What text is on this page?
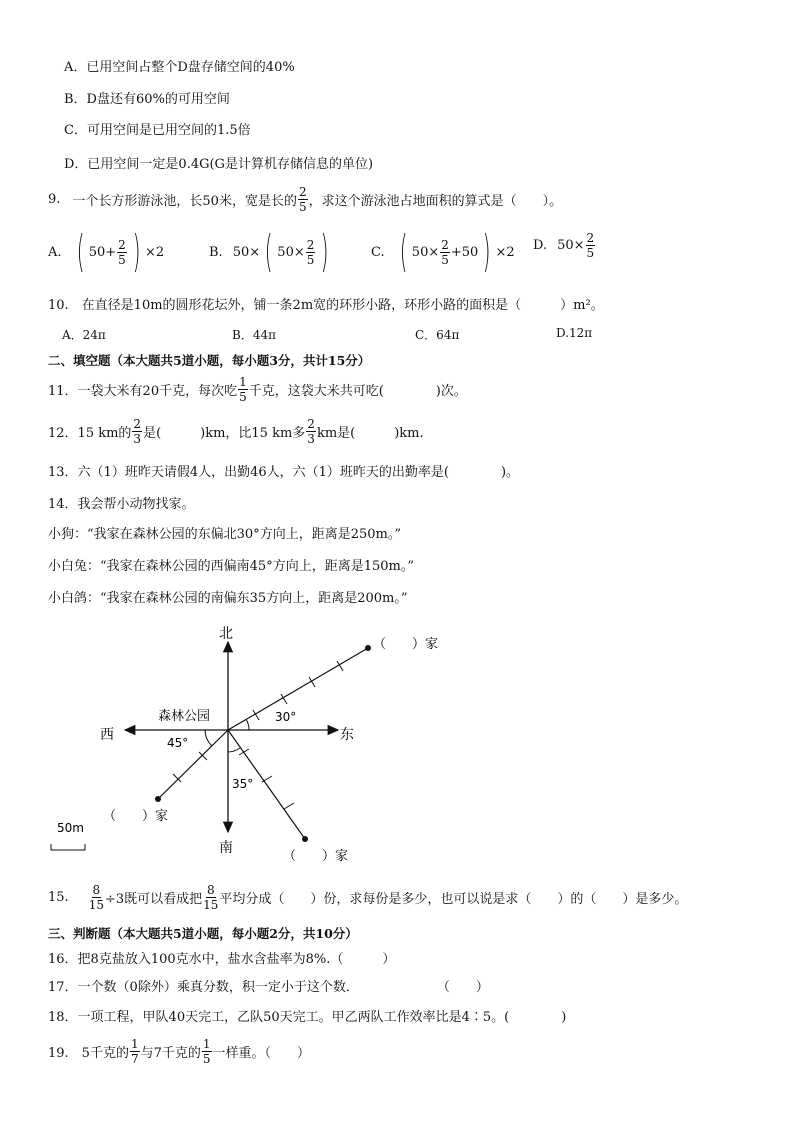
A．已用空间占整个D盘存储空间的40%
B．D盘还有60%的可用空间
C．可用空间是已用空间的1.5倍
D．已用空间一定是0.4G(G是计算机存储信息的单位)
9. 一个长方形游泳池，长50米，宽是长的 $\frac{2}{5}$ ，求这个游泳池占地面积的算式是（　　）。
A. ( $50+ \frac{2}{5}$ ) ×2	B. 50× ( $50\times \frac{2}{5}$ )	C. ( $50\times \frac{2}{5} +50$ ) ×2 D. $50\times \frac{2}{5}$
10.　在直径是10m的圆形花坛外，铺一条2m宽的环形小路，环形小路的面积是（　　　）m²。
A．24π	B．44π	C．64π	D.12π
二、填空题（本大题共5道小题，每小题3分，共计15分）
11．一袋大米有20千克，每次吃 $\frac{1}{5}$ 千克，这袋大米共可吃(　　　　)次。
12．15 km的 $\frac{2}{3}$ 是(　　　)km，比15 km多 $\frac{2}{3}$ km是(　　　)km.
13．六（1）班昨天请假4人，出勤46人，六（1）班昨天的出勤率是(　　　　)。
14．我会帮小动物找家。
小狗：“我家在森林公园的东偏北30°方向上，距离是250m。”
小白兔：“我家在森林公园的西偏南45°方向上，距离是150m。”
小白鸽：“我家在森林公园的南偏东35方向上，距离是200m。”
北
南
东
西
森林公园	30°
45°
35°
（　　）家
（　　）家
（　　）家
50m
15. $\frac{8}{15} \div 3$既可以看成把 $\frac{8}{15}$ 平均分成（　　）份，求每份是多少，也可以说是求（　　）的（　　）是多少。
三、判断题（本大题共5道小题，每小题2分，共10分）
16．把8克盐放入100克水中，盐水含盐率为8%.（　　　）
17．一个数（0除外）乘真分数，积一定小于这个数．　　　　　　　（　　）
18．一项工程，甲队40天完工，乙队50天完工。甲乙两队工作效率比是4∶5。(　　　　)
19.　5千克的 $\frac{1}{7}$ 与7千克的 $\frac{1}{5}$ 一样重。（　　）
